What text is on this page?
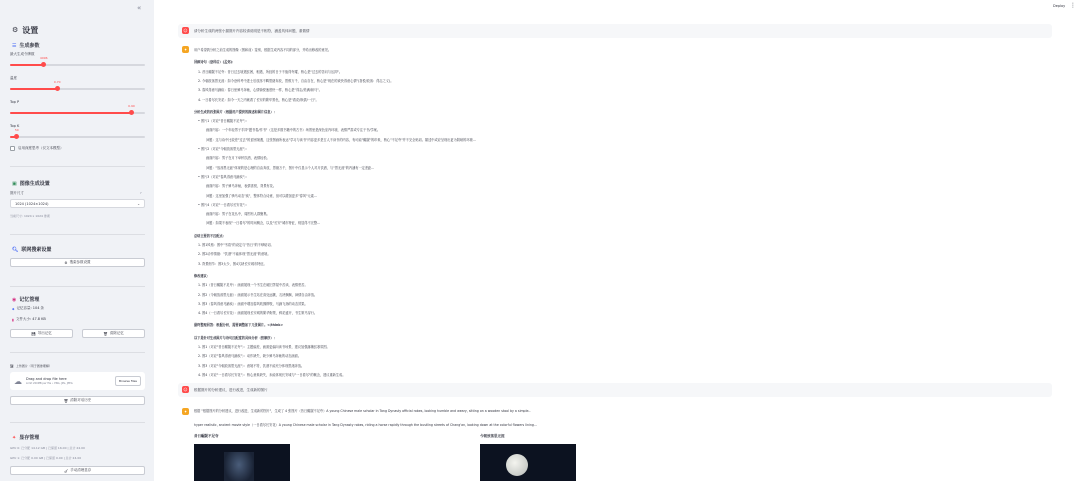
«
⚙ 设置
☰ 生成参数
最大生成令牌数
4096
温度
0.70
Top P
0.90
Top K
50
启用深度思考（仅文本模型）
▣ 图像生成设置
图片尺寸	?
1024 (1024×1024)	⌄
当前尺寸: 1024 x 1024 像素
🔍︎ 联网搜索设置
⚙ 搜索参数设置
◉ 记忆管理
⬥ 记忆容量: 104 条
▮ 文件大小: 47.8 KB
💾︎ 导出记忆	🗑︎ 清除记忆
📷︎ 上传图片（用于图像理解）
☁ Drag and drop file here
Limit 200MB per file • PNG, JPG, JPEG
Browse files
🗑︎ 清除对话历史
✦ 显存管理
GPU 0: 已分配 14.12 GB | 已保留 16.00 | 总计 24.00
GPU 1: 已分配 0.00 GB | 已保留 0.00 | 总计 24.00
🧹︎ 手动清理显存
Deploy ⋮
☺	请分析生成的两张小猫图片内容较请说明是不相符，涵盖具体问题，重做情
✦	用户希望我分析之前生成的图像（图和前）鉴别，根据生成内容不同的部分，并给出修改的意见。
回顾诗句（登科后）(孟郊)：
1. 昔日龌龊不足夸：昔日过去境遇贫困，相遇，所经的日子不值得夸耀，核心是"过去的苦闷与压抑"。
2. 今朝放荡思无涯：如今登科考中进士后放荡不羁思绪奔放，思维万千，自由自在，核心是"现在的欢快得意心情"(喜悦/放荡：得志之义)。
3. 春风得意马蹄疾：春日里骑马奔驰，心情愉悦速度快一样，核心是"得志/美满/纵马"。
4. 一日看尽长安花：如今一天之内就看了长安的繁华景色，核心是"看花/纵情/一日"。
分析生成的四张图片（根据用户提供的描述和图片信息）：
• 图片1（对应"昔日龌龊不足夸"）：
画面内容：一个年轻男子手持"题书卷/作书"（这是多数书籍中的古书）场景里是深色室内环境，表情严肃或专注于书/学案。
问题：这与诗中比较差"过去"的贫困境遇，这张图画所表达"学习与读书"内容更多是古人不读书的内容，有可能"龌龊"的印象，核心"不足夸"并不完全贴切。描述中或应呈现出更为阴暗的环境...
• 图片2（对应"今朝放荡思无涯"）：
画面内容：男子在月下举杯饮酒，表情轻松。
问题："放荡思无涯"体现的是心理的自由奔放，思绪万千，图片中仅显示个人对月饮酒，与"思无涯"的内涵有一定差距...
• 图片3（对应"春风得意马蹄疾"）：
画面内容：男子骑马奔驰，表情喜悦，背景有花。
问题：这里加强了骑马动态"疾"，整体符合诗意，但可以增加更多"春风"元素...
• 图片4（对应"一日看尽长安花"）：
画面内容：男子在花丛中，周围有人群聚集。
问题：如果不表现"一日看尽"的时间概念，以及"长安"城市特征，则显得不完整...
总结主要的不匹配点：
1. 图1风格：图中"书卷"的设定与"昔日"的不够贴切。
2. 图2动作情绪："饮酒"不能体现"思无涯"的意境。
3. 背景细节：图3太少，图4欠缺长安城市特征。
修改建议：
1. 图1（昔日龌龊不足夸）：画面展现一个书生在破旧茅屋中苦读，表情愁苦。
2. 图2（今朝放荡思无涯）：画面展示书生站在高处远眺，衣袂飘飘，神情自由奔放。
3. 图3（春风得意马蹄疾）：画面中增加春风吹拂柳枝，马蹄飞扬的动态效果。
4. 图4（一日看尽长安花）：画面展现长安城的繁华街景，鲜花盛开，书生策马穿行。
最终整理回答：根据分析，需要调整如下几张图片。</think>
以下是针对生成图片与诗句匹配度的具体分析（按顺序）：
1. 图1（对应"昔日龌龊不足夸"）：主题偏差，画面更偏向读书场景，建议加强落魄贫寒氛围。
2. 图2（对应"春风得意马蹄疾"）：动作缺失，缺少骑马奔驰的动态画面。
3. 图3（对应"今朝放荡思无涯"）：意境不符，饮酒不能充分体现思绪奔放。
4. 图4（对应"一日看尽长安花"）：核心意象缺失，未能体现长安城与"一日看尽"的概念，建议重新生成。
☺	根据图片的分析建议，进行改进，生成新的图片
✦	根据 "根据图片的分析建议，进行改进，生成新的图片"，生成了 4 张图片（昔日龌龊不足夸）A young Chinese male scholar in Tang Dynasty official robes, looking humble and weary, sitting on a wooden stool by a simple...
hyper realistic, ancient movie style（一日看尽长安花）A young Chinese male scholar in Tang Dynasty robes, riding a horse rapidly through the bustling streets of Chang'an, looking down at the colorful flowers lining...
昔日龌龊不足夸	今朝放荡思无涯
